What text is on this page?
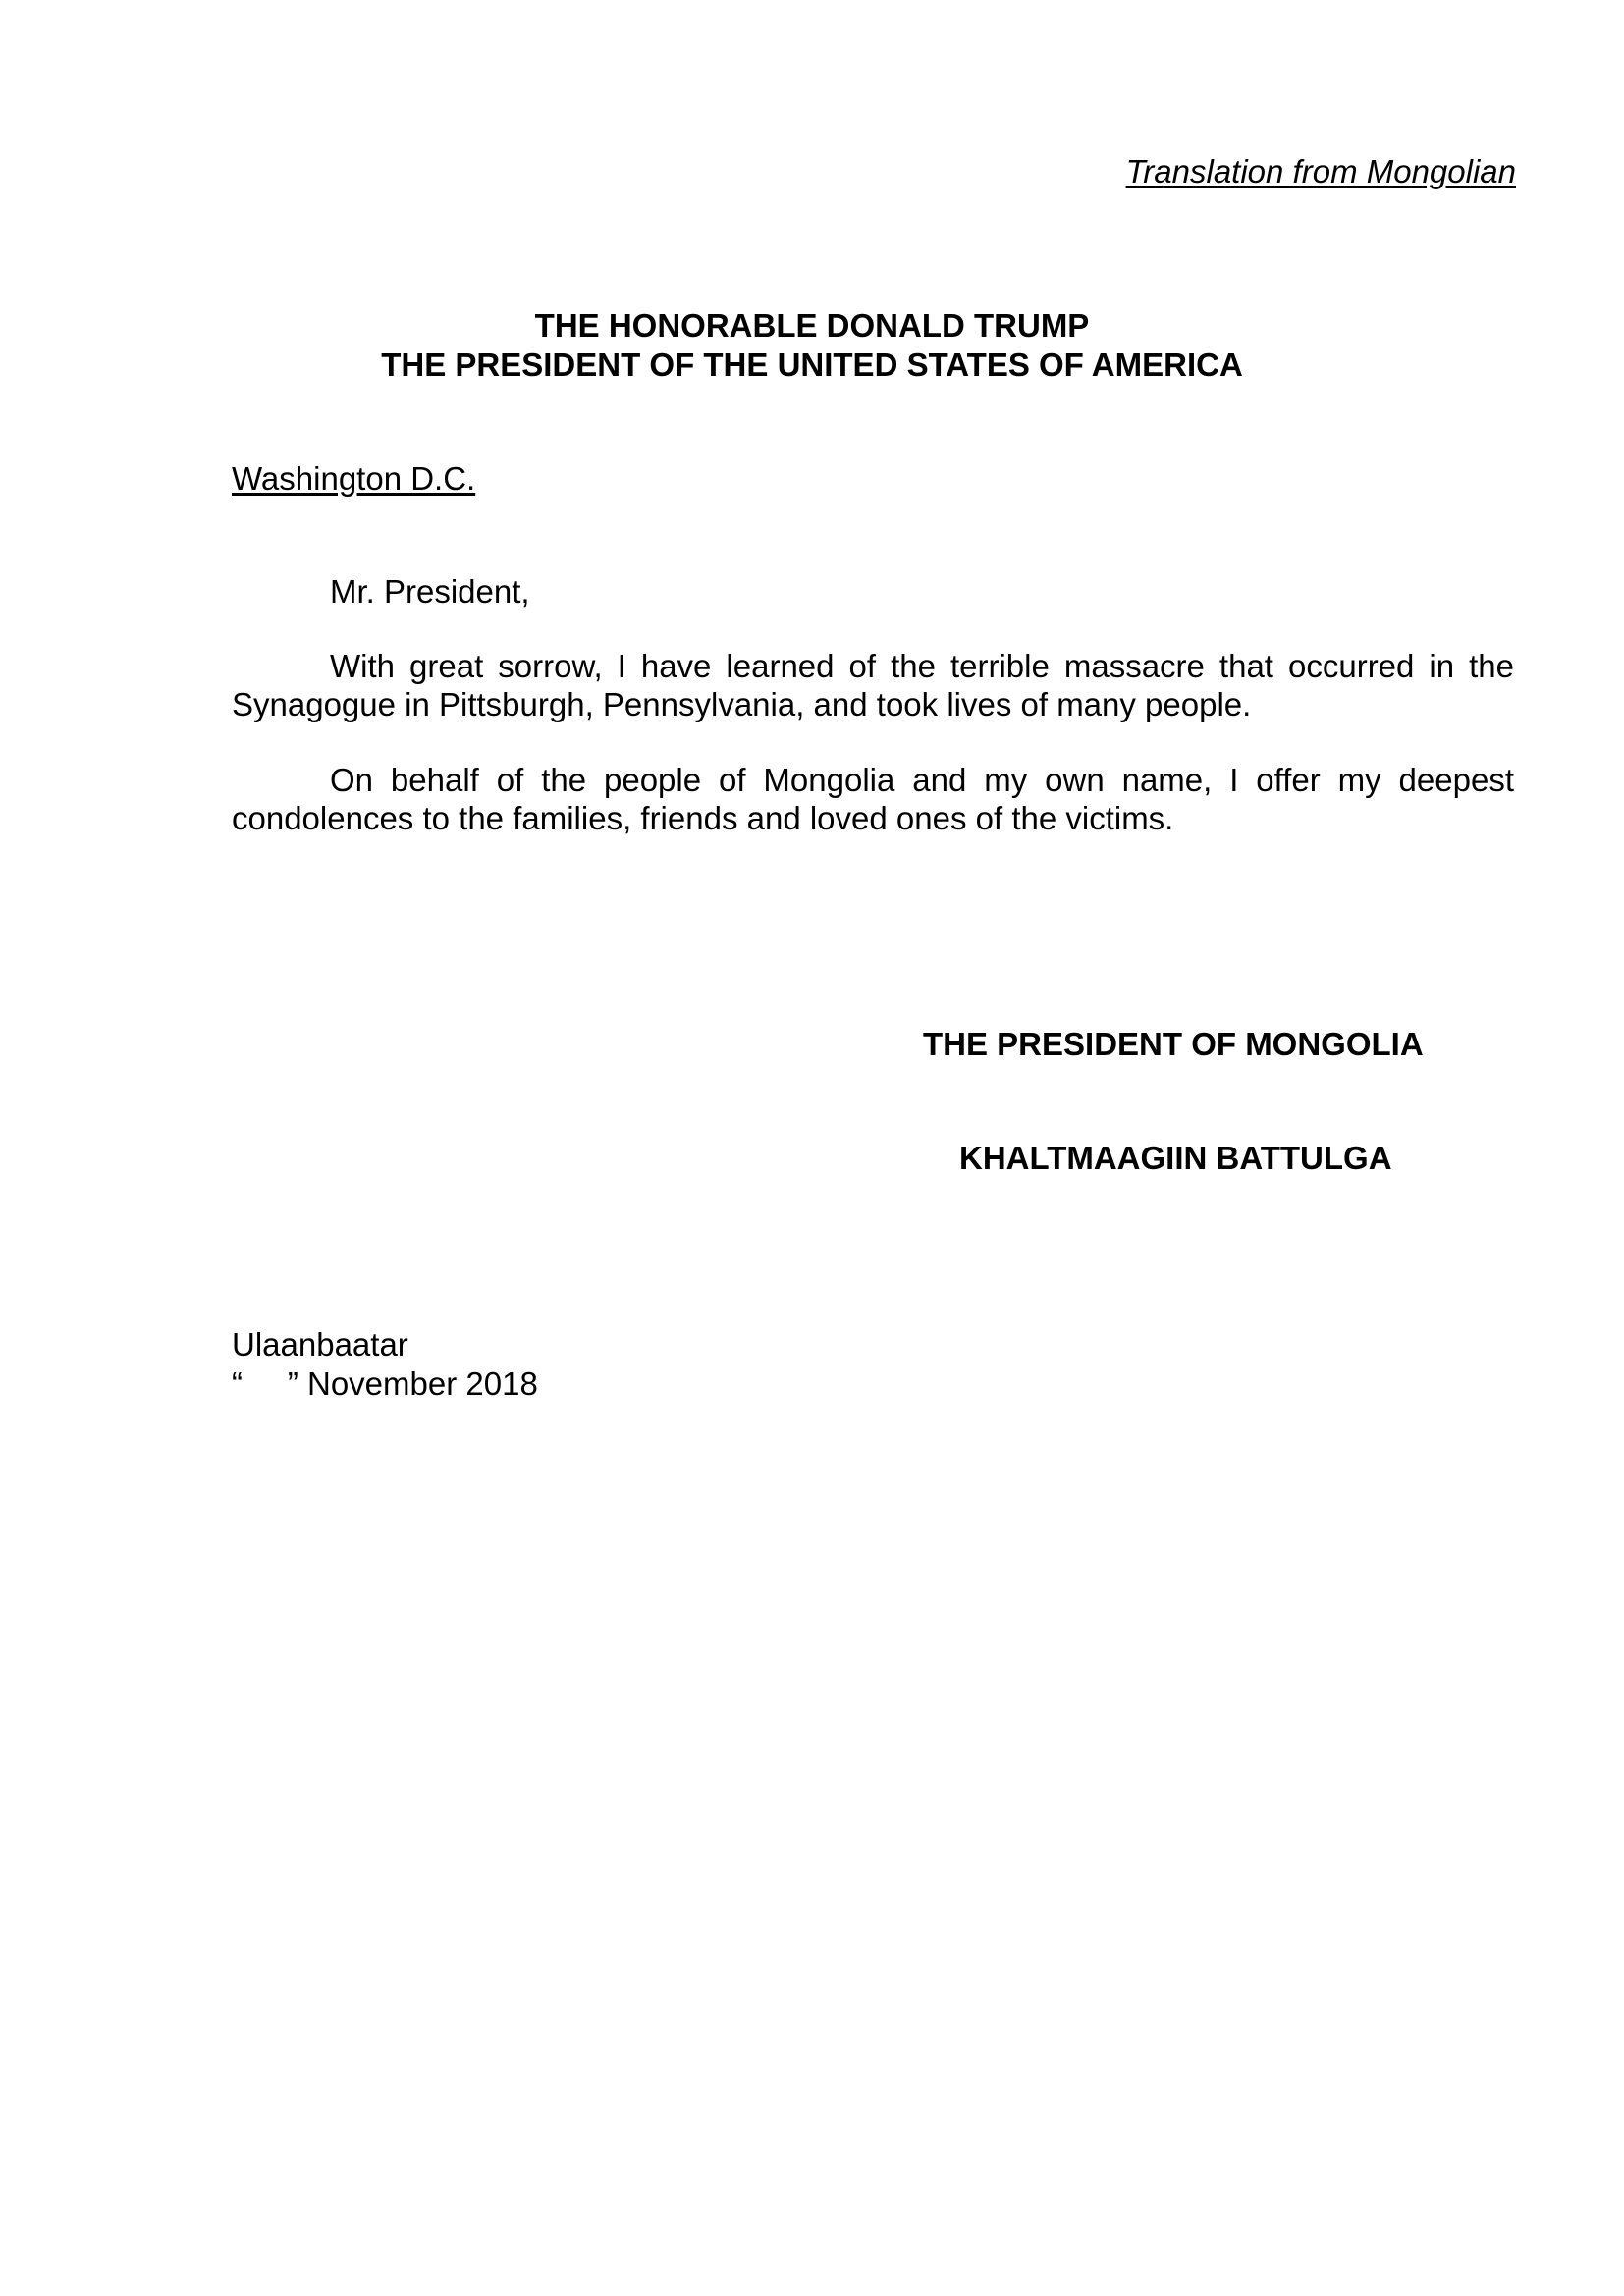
Translation from Mongolian
THE HONORABLE DONALD TRUMP
THE PRESIDENT OF THE UNITED STATES OF AMERICA
Washington D.C.
Mr. President,

With great sorrow, I have learned of the terrible massacre that occurred in the Synagogue in Pittsburgh, Pennsylvania, and took lives of many people.

On behalf of the people of Mongolia and my own name, I offer my deepest condolences to the families, friends and loved ones of the victims.

THE PRESIDENT OF MONGOLIA
KHALTMAAGIIN BATTULGA
Ulaanbaatar
“     ” November 2018
